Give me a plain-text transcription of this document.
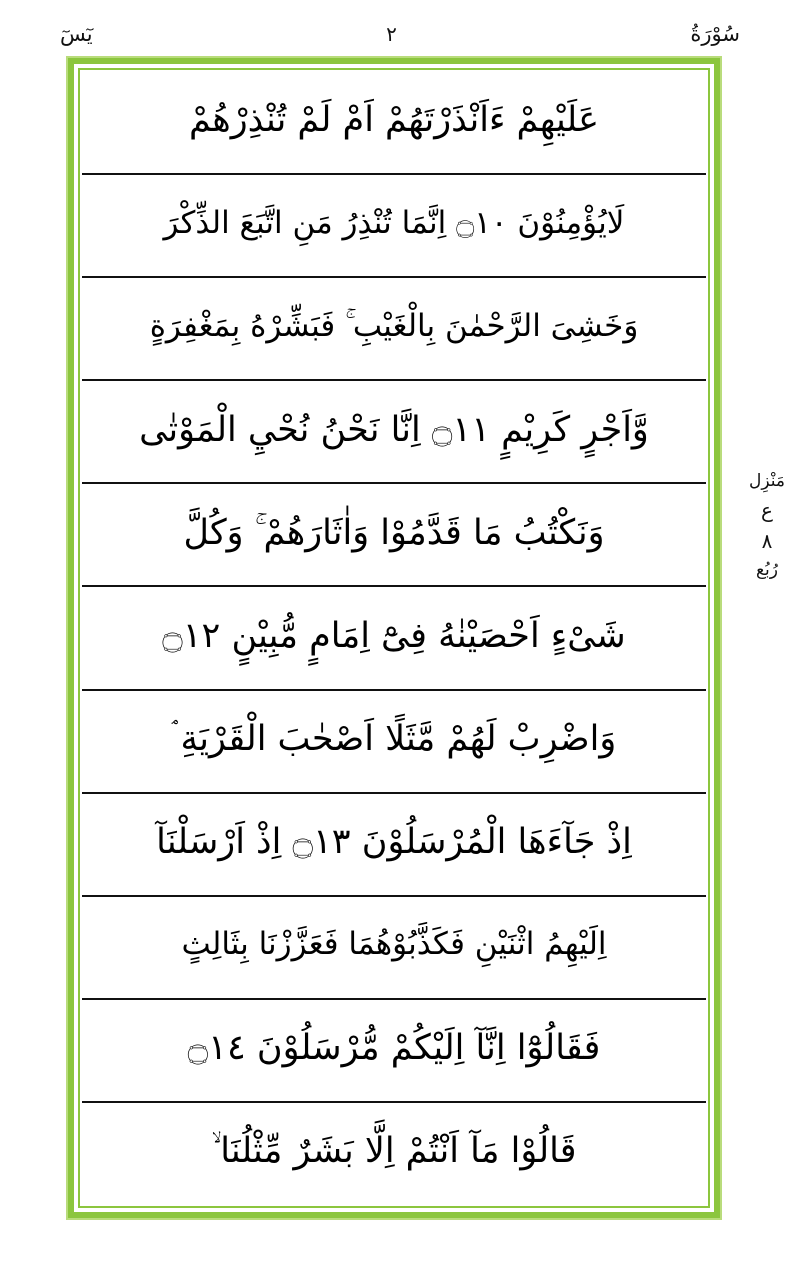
سُوْرَةُ
٢
يٓسٓ
مَنْزِل
ع
٨
رُبُع
عَلَيْهِمْ ءَاَنْذَرْتَهُمْ اَمْ لَمْ تُنْذِرْهُمْ
لَايُؤْمِنُوْنَ ۝١٠ اِنَّمَا تُنْذِرُ مَنِ اتَّبَعَ الذِّكْرَ
وَخَشِىَ الرَّحْمٰنَ بِالْغَيْبِ ۚ فَبَشِّرْهُ بِمَغْفِرَةٍ
وَّاَجْرٍ كَرِيْمٍ ۝١١ اِنَّا نَحْنُ نُحْيِ الْمَوْتٰى
وَنَكْتُبُ مَا قَدَّمُوْا وَاٰثَارَهُمْ ۚ وَكُلَّ
شَىْءٍ اَحْصَيْنٰهُ فِىْٓ اِمَامٍ مُّبِيْنٍ ۝١٢
وَاضْرِبْ لَهُمْ مَّثَلًا اَصْحٰبَ الْقَرْيَةِ ۘ
اِذْ جَآءَهَا الْمُرْسَلُوْنَ ۝١٣ اِذْ اَرْسَلْنَآ
اِلَيْهِمُ اثْنَيْنِ فَكَذَّبُوْهُمَا فَعَزَّزْنَا بِثَالِثٍ
فَقَالُوْٓا اِنَّآ اِلَيْكُمْ مُّرْسَلُوْنَ ۝١٤
قَالُوْا مَآ اَنْتُمْ اِلَّا بَشَرٌ مِّثْلُنَا ۙ
